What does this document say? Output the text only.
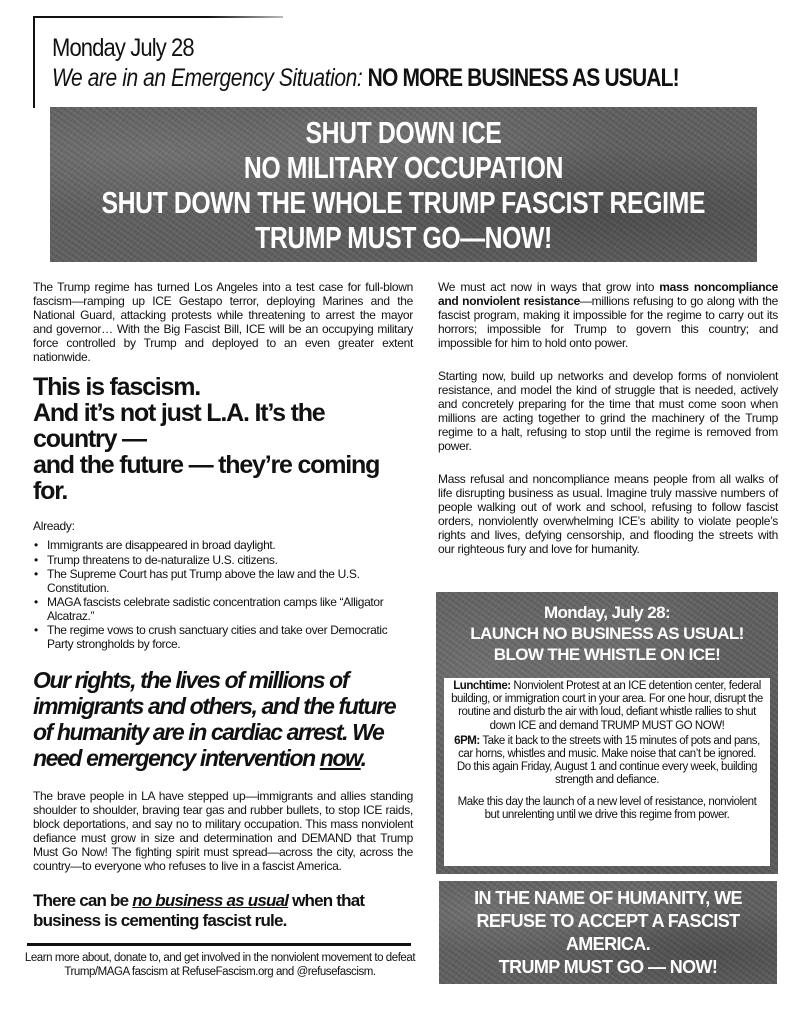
Monday July 28
We are in an Emergency Situation: NO MORE BUSINESS AS USUAL!
SHUT DOWN ICE
NO MILITARY OCCUPATION
SHUT DOWN THE WHOLE TRUMP FASCIST REGIME
TRUMP MUST GO—NOW!

The Trump regime has turned Los Angeles into a test case for full-blown fascism—ramping up ICE Gestapo terror, deploying Marines and the National Guard, attacking protests while threatening to arrest the mayor and governor… With the Big Fascist Bill, ICE will be an occupying military force controlled by Trump and deployed to an even greater extent nationwide.

This is fascism.
And it’s not just L.A. It’s the country —
and the future — they’re coming for.

Already:

• Immigrants are disappeared in broad daylight.
• Trump threatens to de-naturalize U.S. citizens.
• The Supreme Court has put Trump above the law and the U.S. Constitution.
• MAGA fascists celebrate sadistic concentration camps like “Alligator Alcatraz.”
• The regime vows to crush sanctuary cities and take over Democratic Party strongholds by force.
Our rights, the lives of millions of immigrants and others, and the future of humanity are in cardiac arrest. We need emergency intervention now.

The brave people in LA have stepped up—immigrants and allies standing shoulder to shoulder, braving tear gas and rubber bullets, to stop ICE raids, block deportations, and say no to military occupation. This mass nonviolent defiance must grow in size and determination and DEMAND that Trump Must Go Now! The fighting spirit must spread—across the city, across the country—to everyone who refuses to live in a fascist America.

There can be no business as usual when that business is cementing fascist rule.

Learn more about, donate to, and get involved in the nonviolent movement to defeat Trump/MAGA fascism at RefuseFascism.org and @refusefascism.

We must act now in ways that grow into mass noncompliance and nonviolent resistance—millions refusing to go along with the fascist program, making it impossible for the regime to carry out its horrors; impossible for Trump to govern this country; and impossible for him to hold onto power.

Starting now, build up networks and develop forms of nonviolent resistance, and model the kind of struggle that is needed, actively and concretely preparing for the time that must come soon when millions are acting together to grind the machinery of the Trump regime to a halt, refusing to stop until the regime is removed from power.

Mass refusal and noncompliance means people from all walks of life disrupting business as usual. Imagine truly massive numbers of people walking out of work and school, refusing to follow fascist orders, nonviolently overwhelming ICE’s ability to violate people’s rights and lives, defying censorship, and flooding the streets with our righteous fury and love for humanity.

Monday, July 28:
LAUNCH NO BUSINESS AS USUAL!
BLOW THE WHISTLE ON ICE!

Lunchtime: Nonviolent Protest at an ICE detention center, federal building, or immigration court in your area. For one hour, disrupt the routine and disturb the air with loud, defiant whistle rallies to shut down ICE and demand TRUMP MUST GO NOW!

6PM: Take it back to the streets with 15 minutes of pots and pans, car horns, whistles and music. Make noise that can’t be ignored. Do this again Friday, August 1 and continue every week, building strength and defiance.

Make this day the launch of a new level of resistance, nonviolent but unrelenting until we drive this regime from power.

IN THE NAME OF HUMANITY, WE
REFUSE TO ACCEPT A FASCIST
AMERICA.
TRUMP MUST GO — NOW!
